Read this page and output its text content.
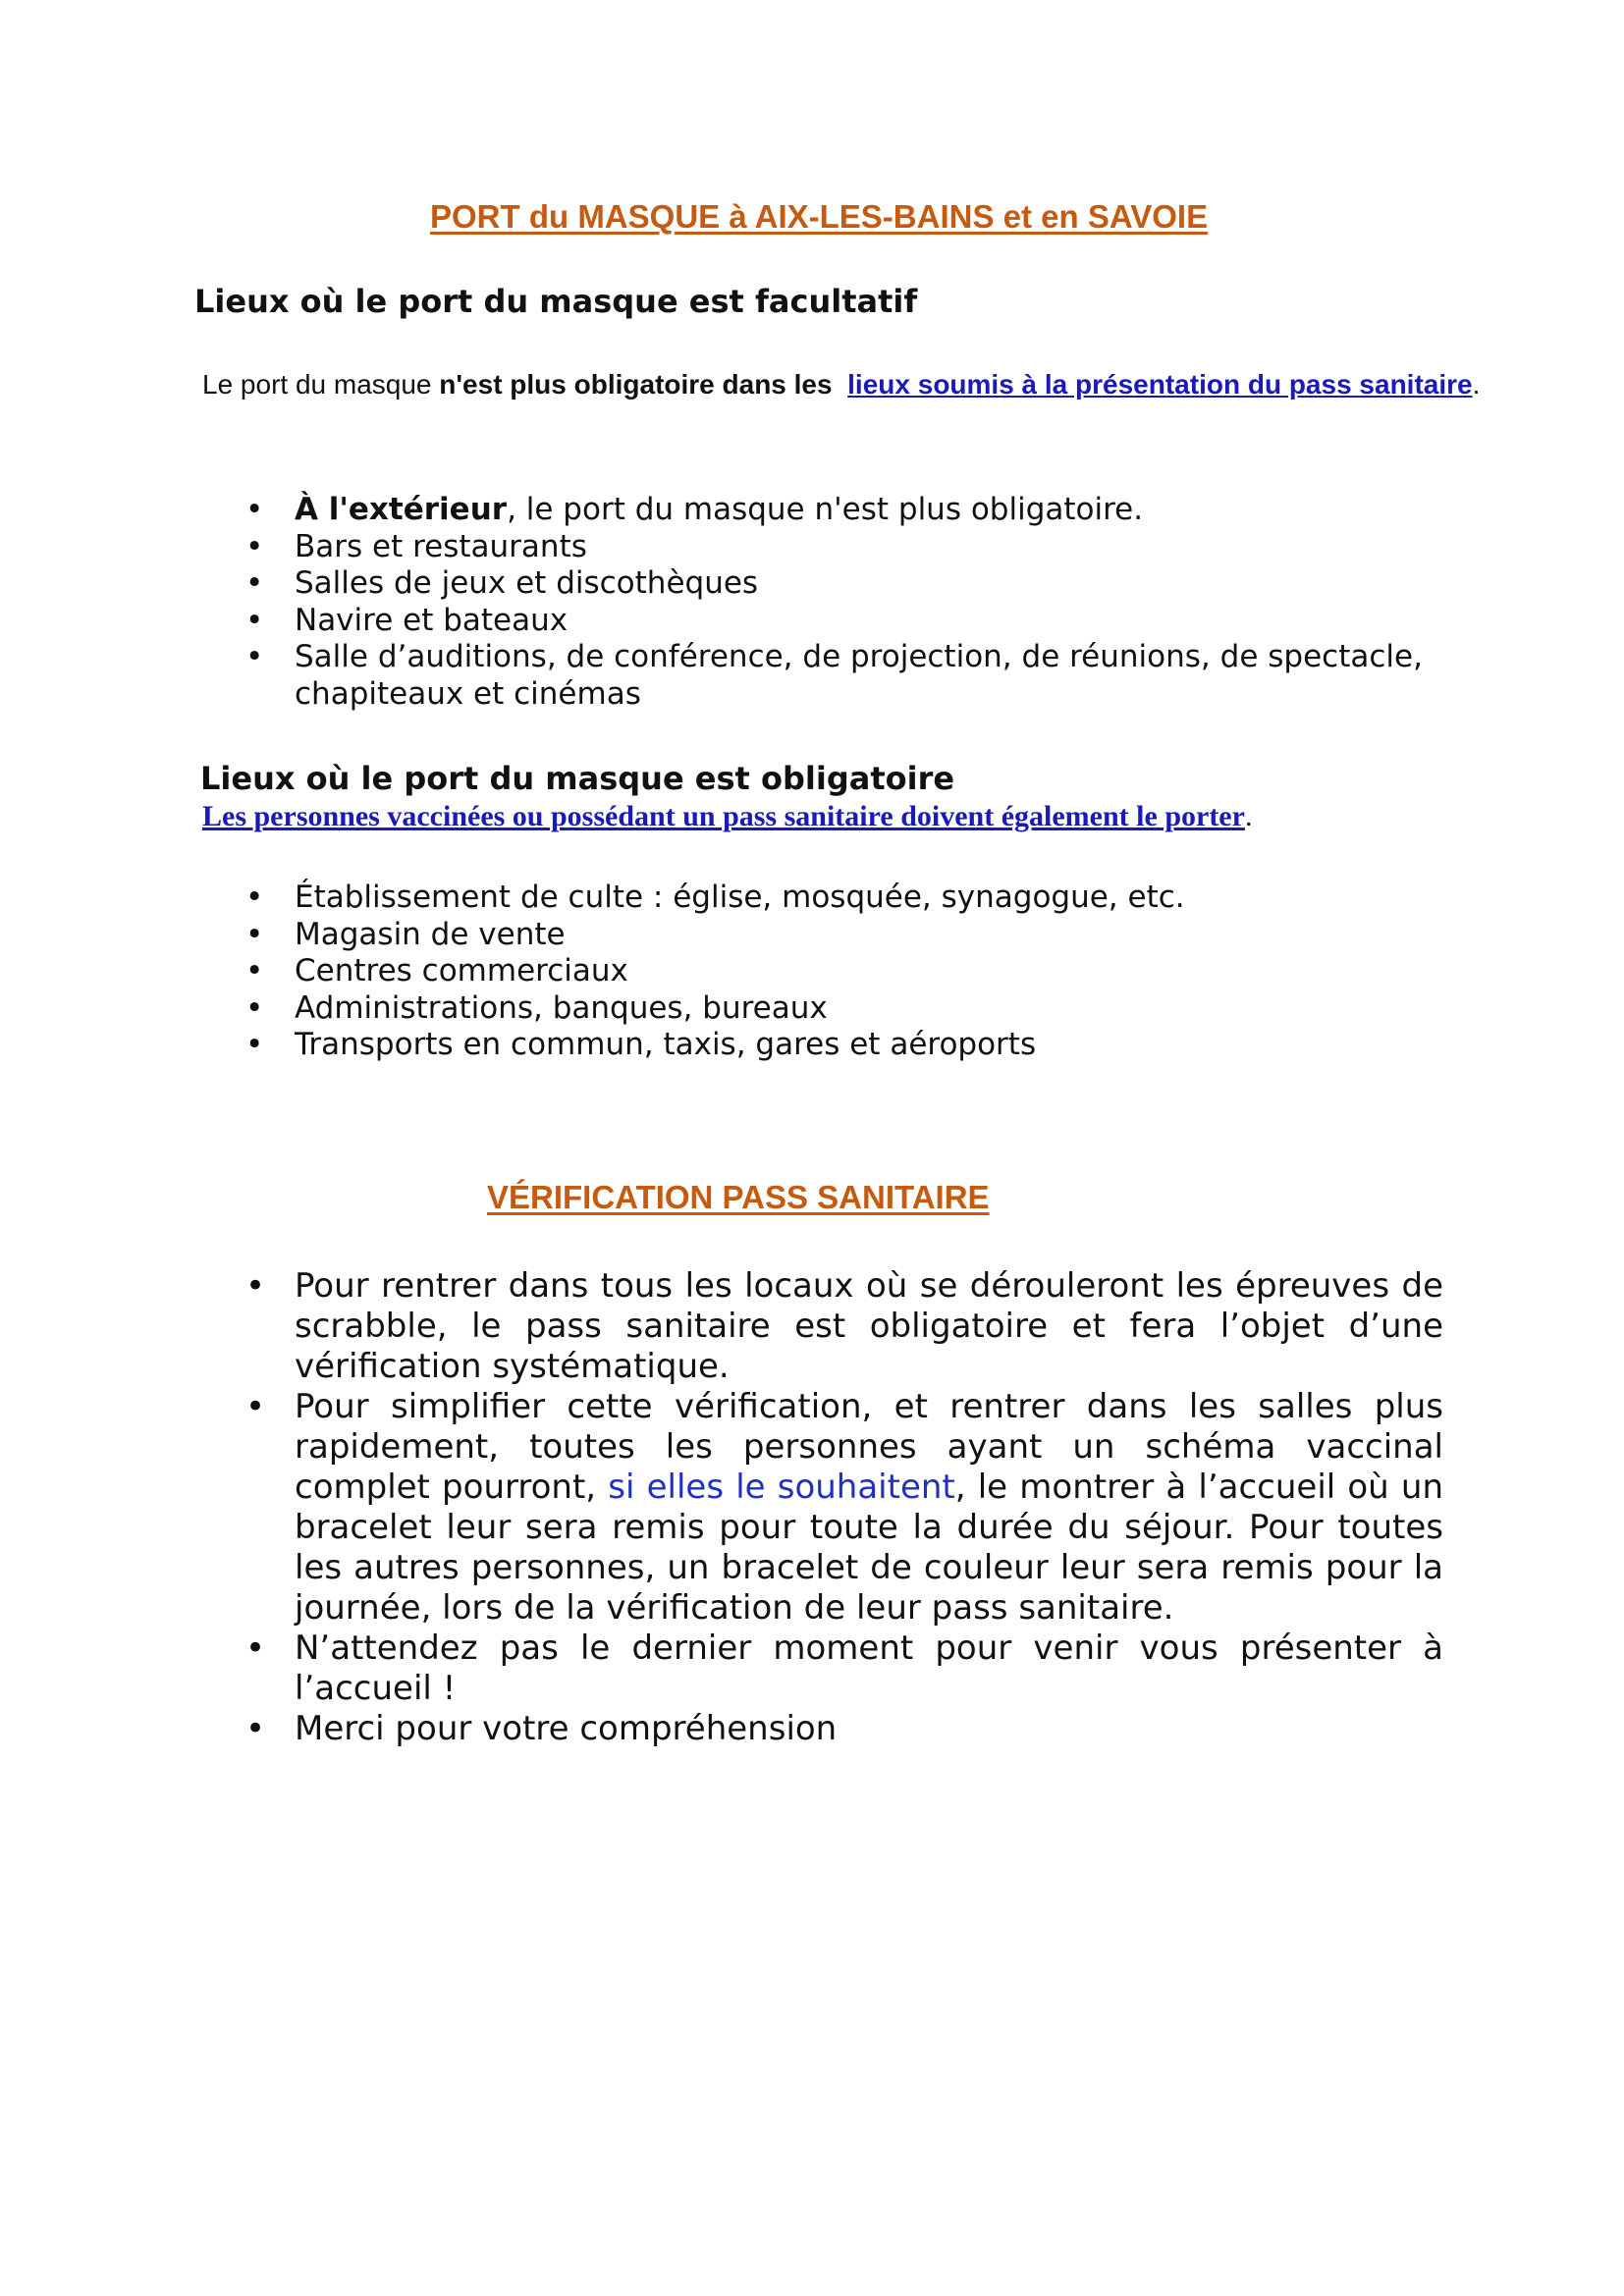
PORT du MASQUE à AIX-LES-BAINS et en SAVOIE
Lieux où le port du masque est facultatif
Le port du masque n'est plus obligatoire dans les lieux soumis à la présentation du pass sanitaire.
• À l'extérieur, le port du masque n'est plus obligatoire.
• Bars et restaurants
• Salles de jeux et discothèques
• Navire et bateaux
• Salle d’auditions, de conférence, de projection, de réunions, de spectacle, chapiteaux et cinémas
Lieux où le port du masque est obligatoire
Les personnes vaccinées ou possédant un pass sanitaire doivent également le porter.
• Établissement de culte : église, mosquée, synagogue, etc.
• Magasin de vente
• Centres commerciaux
• Administrations, banques, bureaux
• Transports en commun, taxis, gares et aéroports
VÉRIFICATION PASS SANITAIRE
• Pour rentrer dans tous les locaux où se dérouleront les épreuves de scrabble, le pass sanitaire est obligatoire et fera l’objet d’une vérification systématique.
• Pour simplifier cette vérification, et rentrer dans les salles plus rapidement, toutes les personnes ayant un schéma vaccinal complet pourront, si elles le souhaitent, le montrer à l’accueil où un bracelet leur sera remis pour toute la durée du séjour. Pour toutes les autres personnes, un bracelet de couleur leur sera remis pour la journée, lors de la vérification de leur pass sanitaire.
• N’attendez pas le dernier moment pour venir vous présenter à l’accueil !
• Merci pour votre compréhension
